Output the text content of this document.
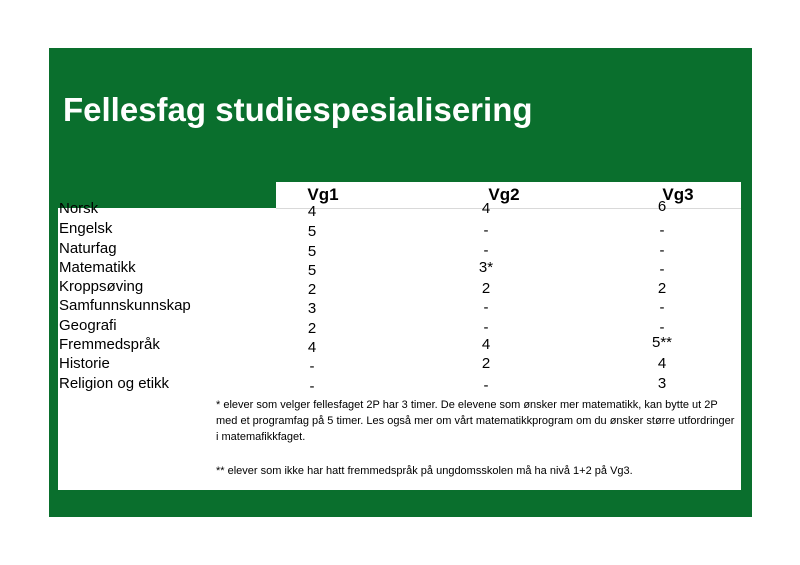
Fellesfag studiespesialisering
Vg1	Vg2	Vg3
Norsk	4	4	6
Engelsk	5	-	-
Naturfag	5	-	-
Matematikk	5	3*	-
Kroppsøving	2	2	2
Samfunnskunnskap	3	-	-
Geografi	2	-	-
Fremmedspråk	4	4	5**
Historie	-	2	4
Religion og etikk	-	-	3
* elever som velger fellesfaget 2P har 3 timer. De elevene som ønsker mer matematikk, kan bytte ut 2P med et programfag på 5 timer. Les også mer om vårt matematikkprogram om du ønsker større utfordringer i matemafikkfaget.
** elever som ikke har hatt fremmedspråk på ungdomsskolen må ha nivå 1+2 på Vg3.
